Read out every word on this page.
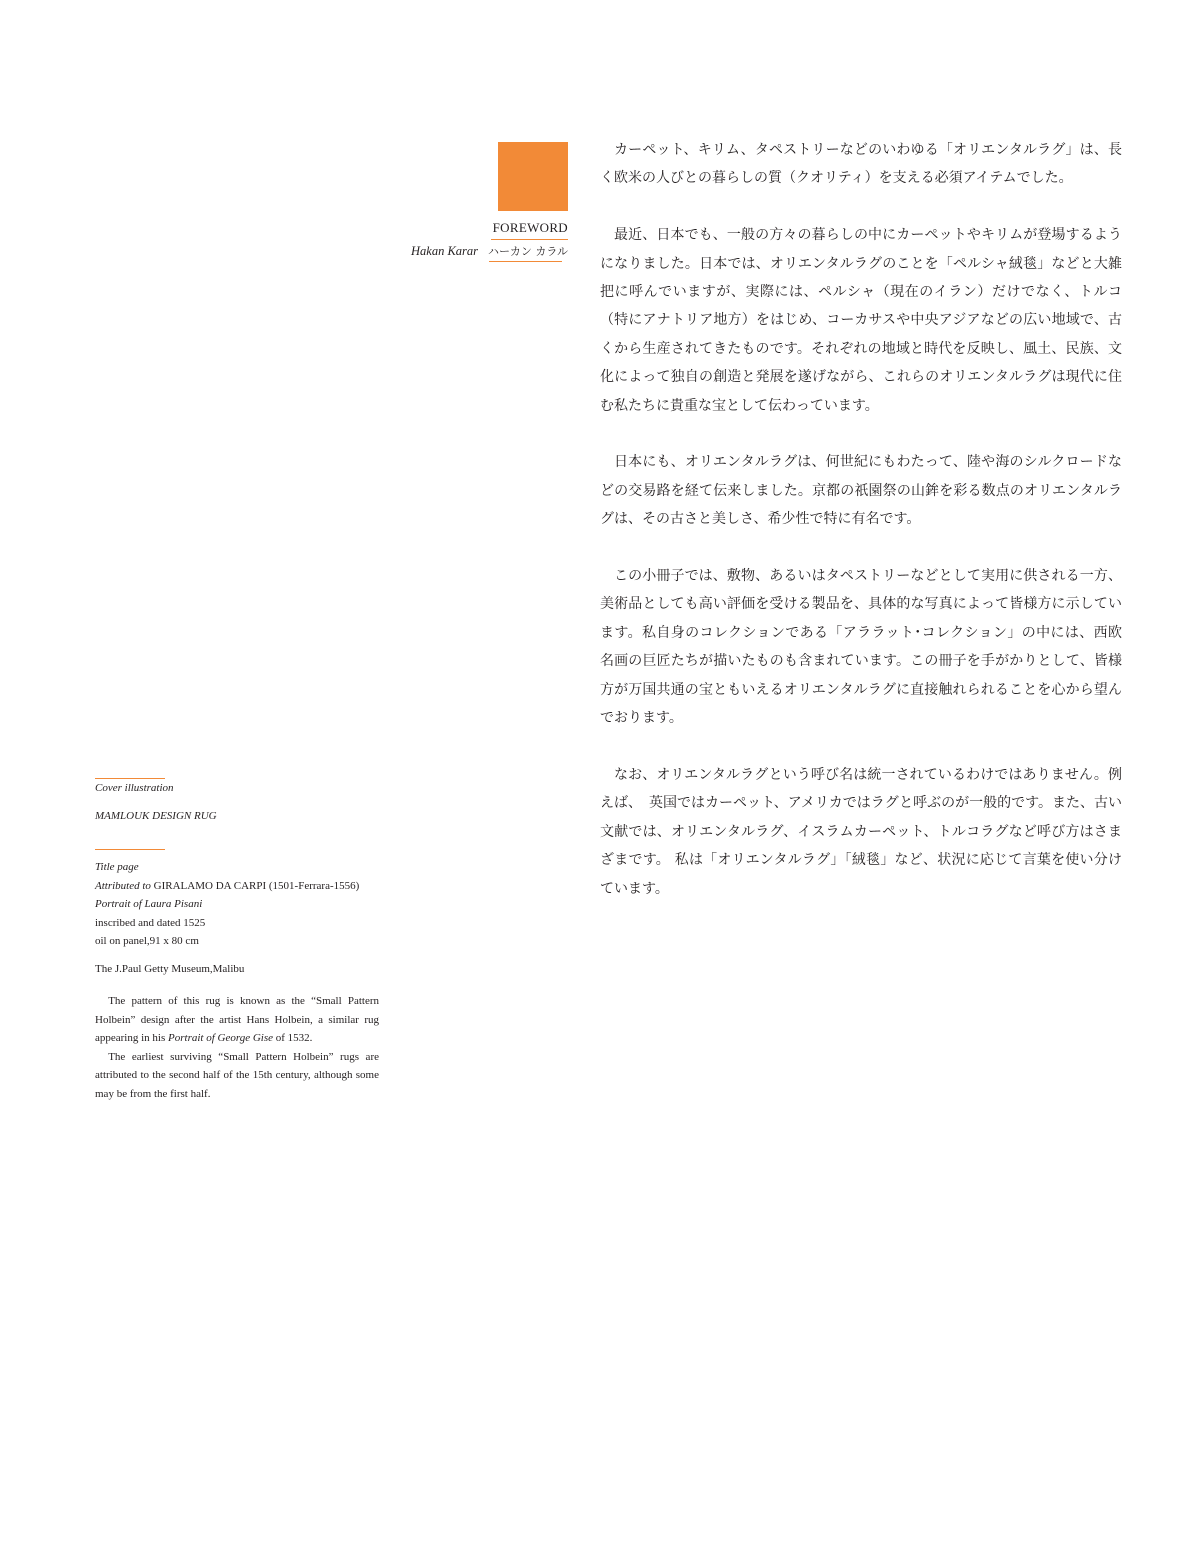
FOREWORD
Hakan Karar ハーカン カラル

カーペット、キリム、タペストリーなどのいわゆる「オリエンタルラグ」は、長く欧米の人びとの暮らしの質（クオリティ）を支える必須アイテムでした。

最近、日本でも、一般の方々の暮らしの中にカーペットやキリムが登場するようになりました。日本では、オリエンタルラグのことを「ペルシャ絨毯」などと大雑把に呼んでいますが、実際には、ペルシャ（現在のイラン）だけでなく、トルコ（特にアナトリア地方）をはじめ、コーカサスや中央アジアなどの広い地域で、古くから生産されてきたものです。それぞれの地域と時代を反映し、風土、民族、文化によって独自の創造と発展を遂げながら、これらのオリエンタルラグは現代に住む私たちに貴重な宝として伝わっています。

日本にも、オリエンタルラグは、何世紀にもわたって、陸や海のシルクロードなどの交易路を経て伝来しました。京都の祇園祭の山鉾を彩る数点のオリエンタルラグは、その古さと美しさ、希少性で特に有名です。

この小冊子では、敷物、あるいはタペストリーなどとして実用に供される一方、美術品としても高い評価を受ける製品を、具体的な写真によって皆様方に示しています。私自身のコレクションである「アララット･コレクション」の中には、西欧名画の巨匠たちが描いたものも含まれています。この冊子を手がかりとして、皆様方が万国共通の宝ともいえるオリエンタルラグに直接触れられることを心から望んでおります。

なお、オリエンタルラグという呼び名は統一されているわけではありません。例えば、　英国ではカーペット、アメリカではラグと呼ぶのが一般的です。また、古い文献では、オリエンタルラグ、イスラムカーペット、トルコラグなど呼び方はさまざまです。 私は「オリエンタルラグ」「絨毯」など、状況に応じて言葉を使い分けています。

Cover illustration
MAMLOUK DESIGN RUG
Title page
Attributed to GIRALAMO DA CARPI (1501-Ferrara-1556)
Portrait of Laura Pisani
inscribed and dated 1525
oil on panel,91 x 80 cm
The J.Paul Getty Museum,Malibu

The pattern of this rug is known as the “Small Pattern Holbein” design after the artist Hans Holbein, a similar rug appearing in his Portrait of George Gise of 1532.

The earliest surviving “Small Pattern Holbein” rugs are attributed to the second half of the 15th century, although some may be from the first half.
